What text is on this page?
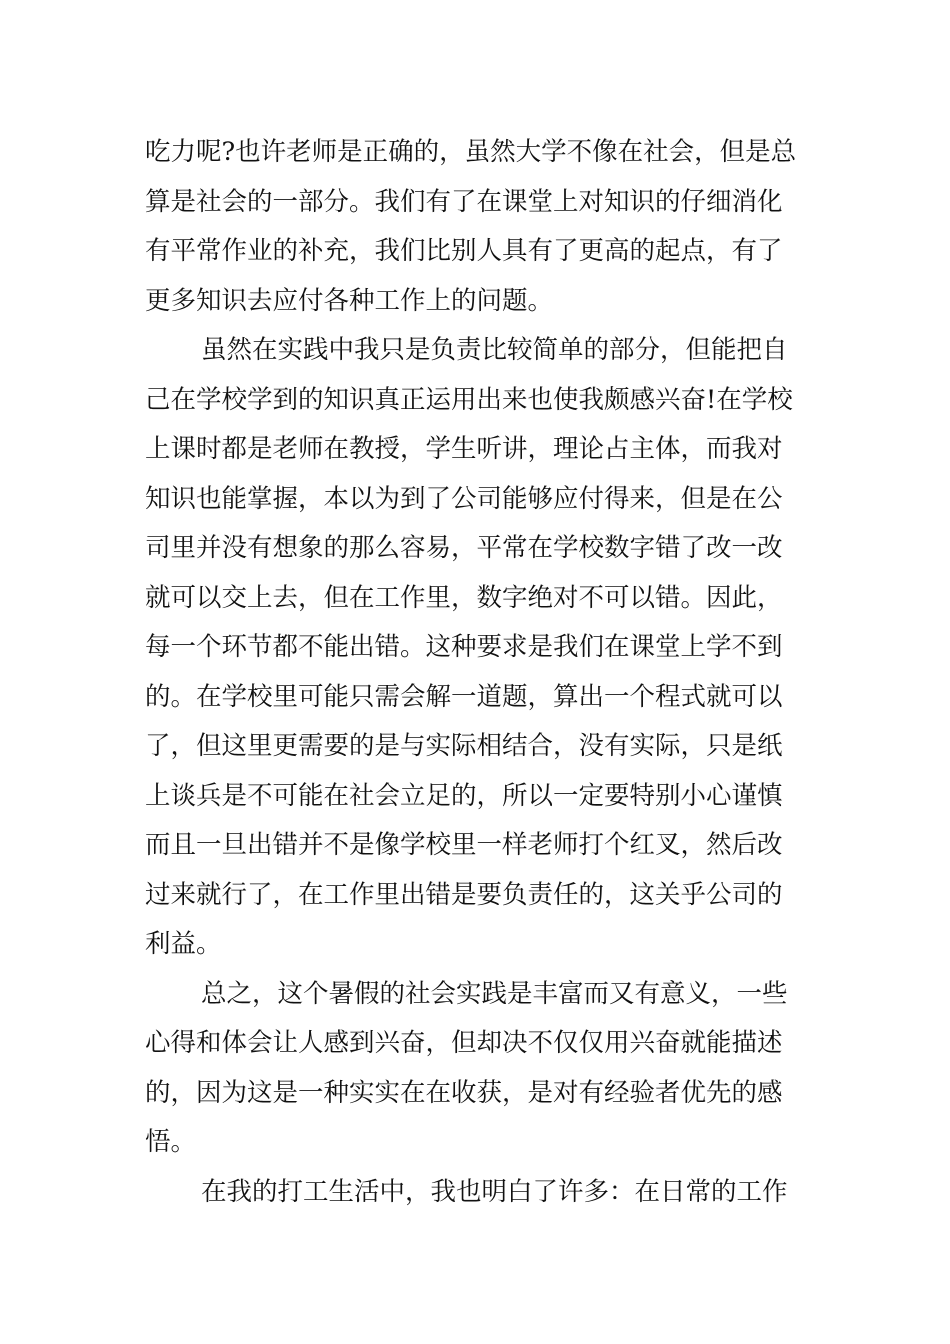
吃力呢?也许老师是正确的，虽然大学不像在社会，但是总
算是社会的一部分。我们有了在课堂上对知识的仔细消化
有平常作业的补充，我们比别人具有了更高的起点，有了
更多知识去应付各种工作上的问题。
虽然在实践中我只是负责比较简单的部分，但能把自
己在学校学到的知识真正运用出来也使我颇感兴奋!在学校
上课时都是老师在教授，学生听讲，理论占主体，而我对
知识也能掌握，本以为到了公司能够应付得来，但是在公
司里并没有想象的那么容易，平常在学校数字错了改一改
就可以交上去，但在工作里，数字绝对不可以错。因此，
每一个环节都不能出错。这种要求是我们在课堂上学不到
的。在学校里可能只需会解一道题，算出一个程式就可以
了，但这里更需要的是与实际相结合，没有实际，只是纸
上谈兵是不可能在社会立足的，所以一定要特别小心谨慎
而且一旦出错并不是像学校里一样老师打个红叉，然后改
过来就行了，在工作里出错是要负责任的，这关乎公司的
利益。
总之，这个暑假的社会实践是丰富而又有意义，一些
心得和体会让人感到兴奋，但却决不仅仅用兴奋就能描述
的，因为这是一种实实在在收获，是对有经验者优先的感
悟。
在我的打工生活中，我也明白了许多：在日常的工作
